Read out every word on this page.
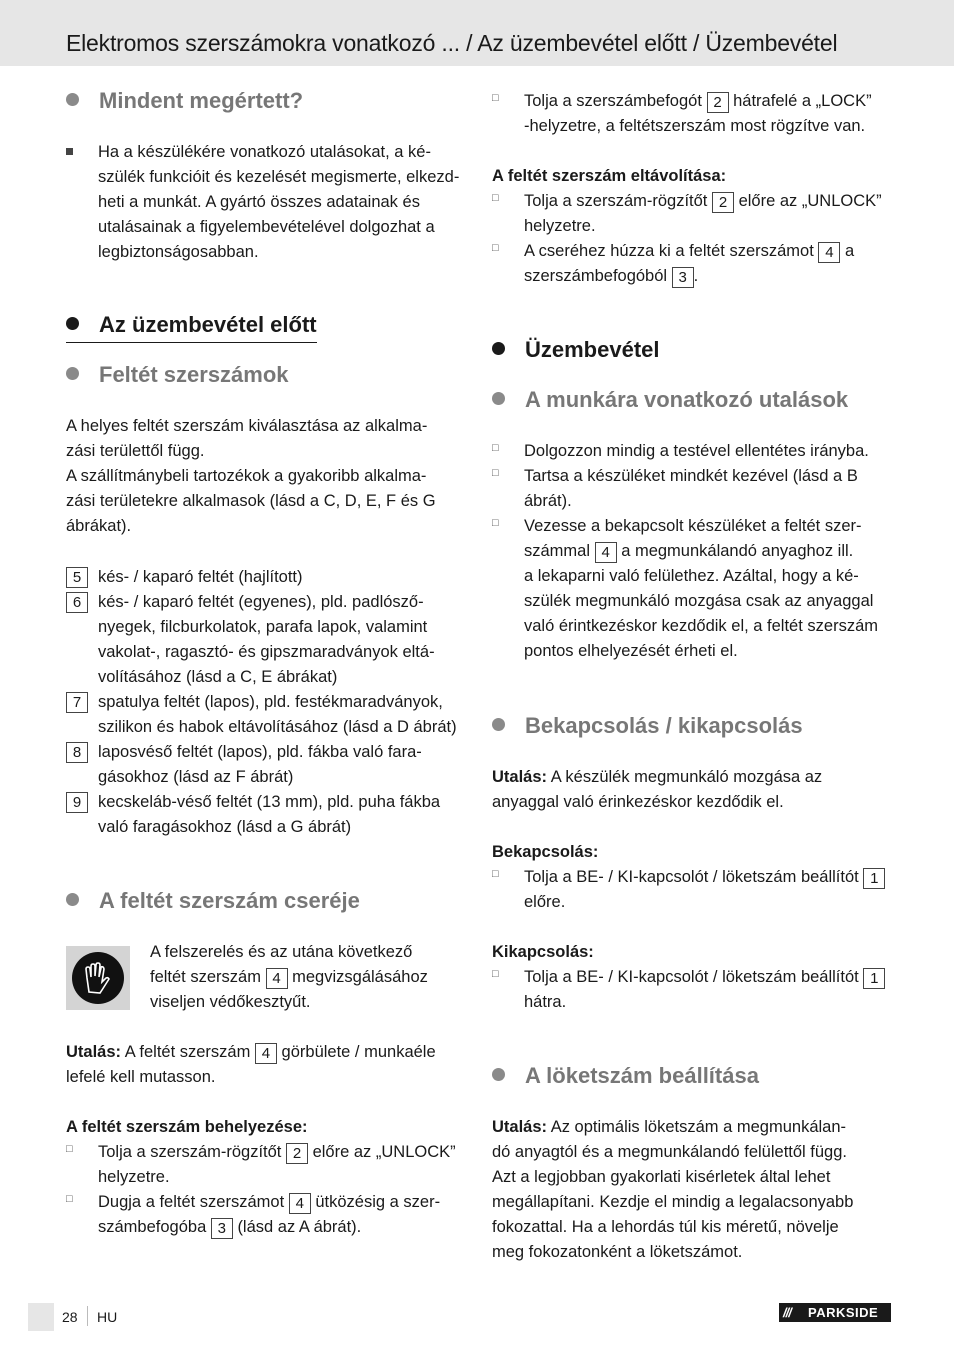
Elektromos szerszámokra vonatkozó ... / Az üzembevétel előtt / Üzembevétel
Mindent megértett?
Ha a készülékére vonatkozó utalásokat, a ké-
szülék funkcióit és kezelését megismerte, elkezd-
heti a munkát. A gyártó összes adatainak és
utalásainak a figyelembevételével dolgozhat a
legbiztonságosabban.
Az üzembevétel előtt
Feltét szerszámok
A helyes feltét szerszám kiválasztása az alkalma-
zási területtől függ.
A szállítmánybeli tartozékok a gyakoribb alkalma-
zási területekre alkalmasok (lásd a C, D, E, F és G
ábrákat).
5	kés- / kaparó feltét (hajlított)
6	kés- / kaparó feltét (egyenes), pld. padlósző-
nyegek, filcburkolatok, parafa lapok, valamint
vakolat-, ragasztó- és gipszmaradványok eltá-
volításához (lásd a C, E ábrákat)
7	spatulya feltét (lapos), pld. festékmaradványok,
szilikon és habok eltávolításához (lásd a D ábrát)
8	laposvéső feltét (lapos), pld. fákba való fara-
gásokhoz (lásd az F ábrát)
9	kecskeláb-véső feltét (13 mm), pld. puha fákba
való faragásokhoz (lásd a G ábrát)
A feltét szerszám cseréje
A felszerelés és az utána következő
feltét szerszám 4 megvizsgálásához
viseljen védőkesztyűt.
Utalás: A feltét szerszám 4 görbülete / munkaéle
lefelé kell mutasson.
A feltét szerszám behelyezése:
□ Tolja a szerszám-rögzítőt 2 előre az „UNLOCK”
helyzetre.
□ Dugja a feltét szerszámot 4 ütközésig a szer-
számbefogóba 3 (lásd az A ábrát).
□ Tolja a szerszámbefogót 2 hátrafelé a „LOCK”
-helyzetre, a feltétszerszám most rögzítve van.
A feltét szerszám eltávolítása:
□ Tolja a szerszám-rögzítőt 2 előre az „UNLOCK”
helyzetre.
□ A cseréhez húzza ki a feltét szerszámot 4 a
szerszámbefogóból 3 .
Üzembevétel
A munkára vonatkozó utalások
□ Dolgozzon mindig a testével ellentétes irányba.
□ Tartsa a készüléket mindkét kezével (lásd a B
ábrát).
□ Vezesse a bekapcsolt készüléket a feltét szer-
számmal 4 a megmunkálandó anyaghoz ill.
a lekaparni való felülethez. Azáltal, hogy a ké-
szülék megmunkáló mozgása csak az anyaggal
való érintkezéskor kezdődik el, a feltét szerszám
pontos elhelyezését érheti el.
Bekapcsolás / kikapcsolás
Utalás: A készülék megmunkáló mozgása az
anyaggal való érinkezéskor kezdődik el.
Bekapcsolás:
□ Tolja a BE- / KI-kapcsolót / löketszám beállítót 1
előre.
Kikapcsolás:
□ Tolja a BE- / KI-kapcsolót / löketszám beállítót 1
hátra.
A löketszám beállítása
Utalás: Az optimális löketszám a megmunkálan-
dó anyagtól és a megmunkálandó felülettől függ.
Azt a legjobban gyakorlati kisérletek által lehet
megállapítani. Kezdje el mindig a legalacsonyabb
fokozattal. Ha a lehordás túl kis méretű, növelje
meg fokozatonként a löketszámot.
28 HU	/// PARKSIDE
